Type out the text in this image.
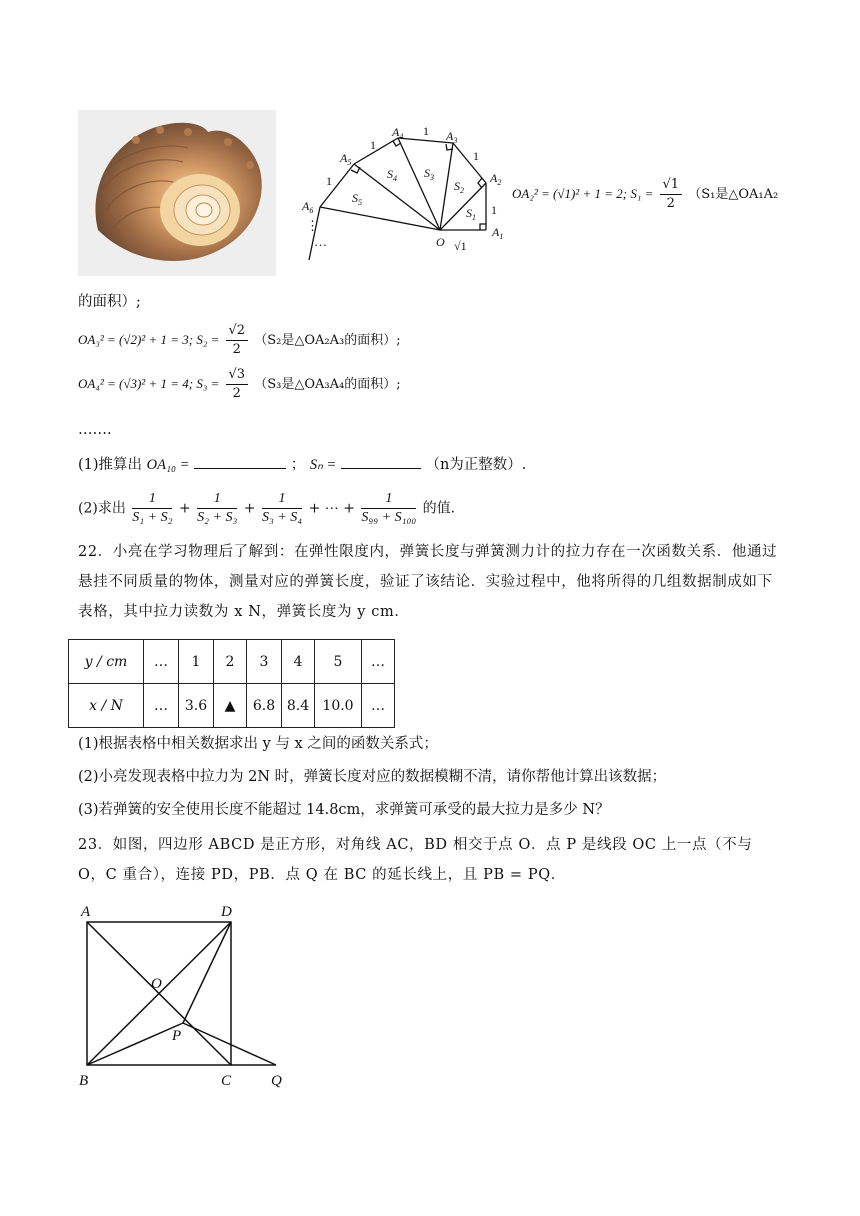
$A_1$
$A_2$
$A_3$
$A_4$
$A_5$
$A_6$
O
$S_1$
$S_2$
$S_3$
$S_4$
$S_5$
1
1
1
1
1
√1
⋮
…
OA₂² = (√1)² + 1 = 2; $S_1 = \frac{√1}{2} (S_1$是△OA₁A₂
的面积）;
OA₃² = (√2)² + 1 = 3; $S_2 = \frac{√2}{2} (S_2$是△OA₂A₃的面积）;
OA₄² = (√3)² + 1 = 4; $S_3 = \frac{√3}{2} (S_3$是△OA₃A₄的面积）;
…….
(1)推算出 OA₁₀ =	； Sₙ =	（n为正整数）.
(2)求出 $\frac{1}{\text{S₁ + S₂}} + \frac{1}{\text{S₂ + S₃}} + \frac{1}{\text{S₃ + S₄}}$ + ⋯ + $\frac{1}{\text{S₉₉ + S₁₀₀}}$ 的值.
22．小亮在学习物理后了解到：在弹性限度内，弹簧长度与弹簧测力计的拉力存在一次函数关系．他通过悬挂不同质量的物体，测量对应的弹簧长度，验证了该结论．实验过程中，他将所得的几组数据制成如下表格，其中拉力读数为 x N，弹簧长度为 y cm．
y / cm	…	1	2	3	4	5	…
x / N	…	3.6	▲	6.8	8.4	10.0	…
(1)根据表格中相关数据求出 y 与 x 之间的函数关系式；
(2)小亮发现表格中拉力为 2N 时，弹簧长度对应的数据模糊不清，请你帮他计算出该数据；
(3)若弹簧的安全使用长度不能超过 14.8cm，求弹簧可承受的最大拉力是多少 N？
23．如图，四边形 ABCD 是正方形，对角线 AC，BD 相交于点 O．点 P 是线段 OC 上一点（不与 O，C 重合），连接 PD，PB．点 Q 在 BC 的延长线上，且 PB = PQ．
A	D
O
P
B	C	Q
